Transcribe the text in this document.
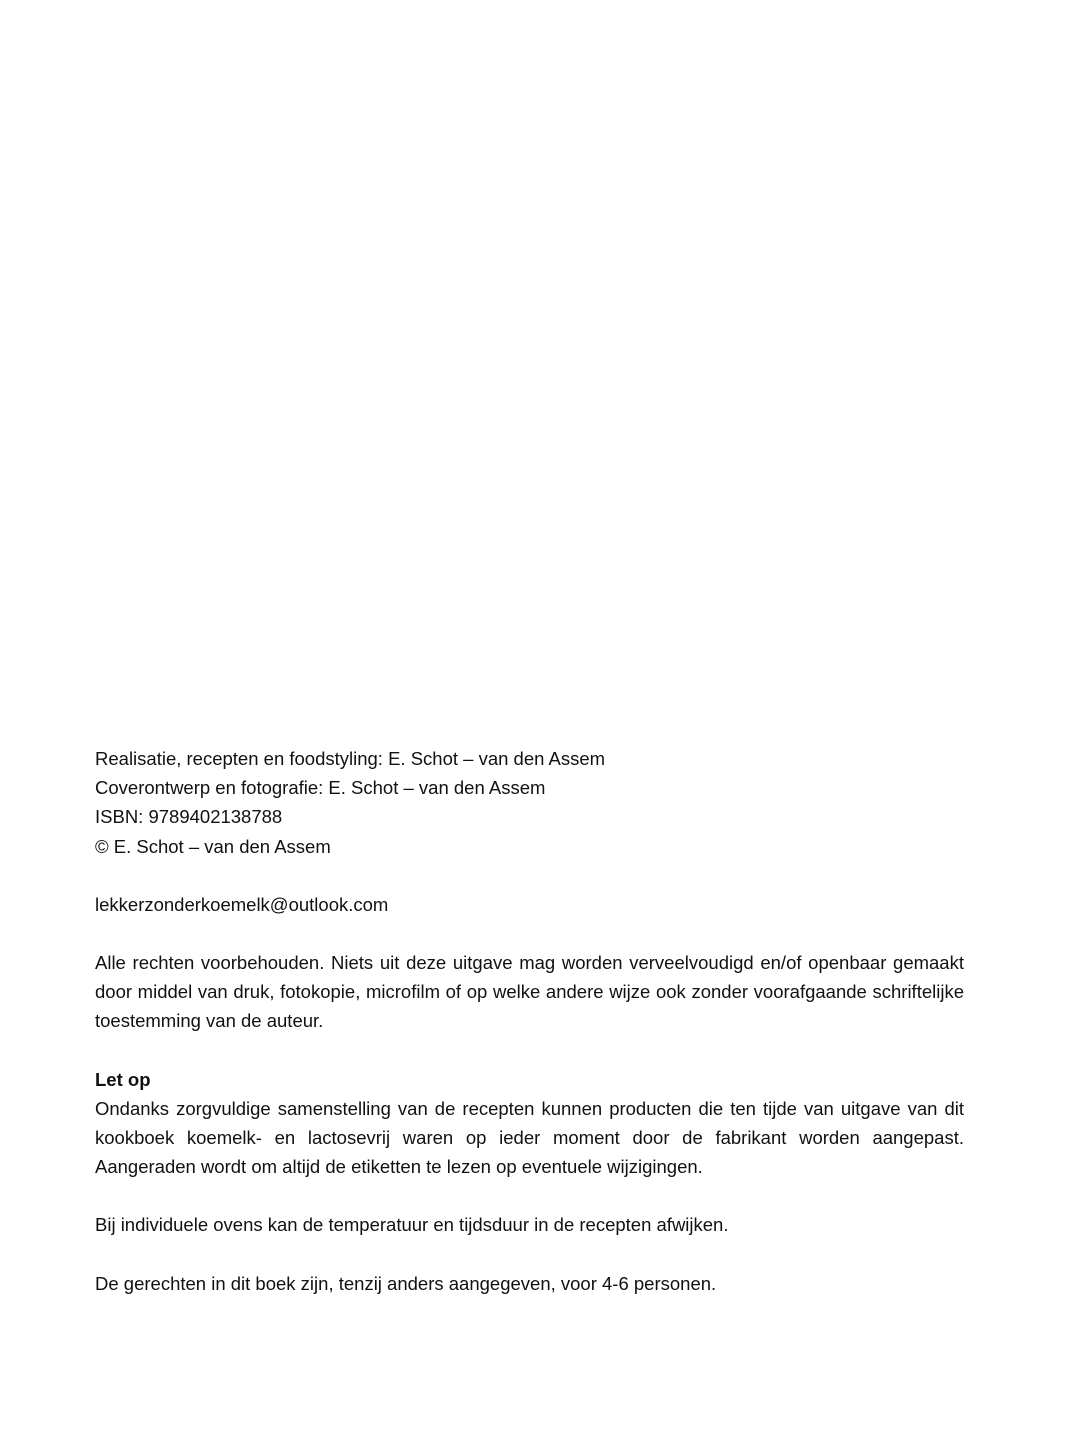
Realisatie, recepten en foodstyling: E. Schot – van den Assem

Coverontwerp en fotografie: E. Schot – van den Assem

ISBN: 9789402138788

© E. Schot – van den Assem

lekkerzonderkoemelk@outlook.com

Alle rechten voorbehouden. Niets uit deze uitgave mag worden verveelvoudigd en/of openbaar gemaakt door middel van druk, fotokopie, microfilm of op welke andere wijze ook zonder voorafgaande schriftelijke toestemming van de auteur.

Let op

Ondanks zorgvuldige samenstelling van de recepten kunnen producten die ten tijde van uitgave van dit kookboek koemelk- en lactosevrij waren op ieder moment door de fabrikant worden aangepast. Aangeraden wordt om altijd de etiketten te lezen op eventuele wijzigingen.

Bij individuele ovens kan de temperatuur en tijdsduur in de recepten afwijken.

De gerechten in dit boek zijn, tenzij anders aangegeven, voor 4-6 personen.
